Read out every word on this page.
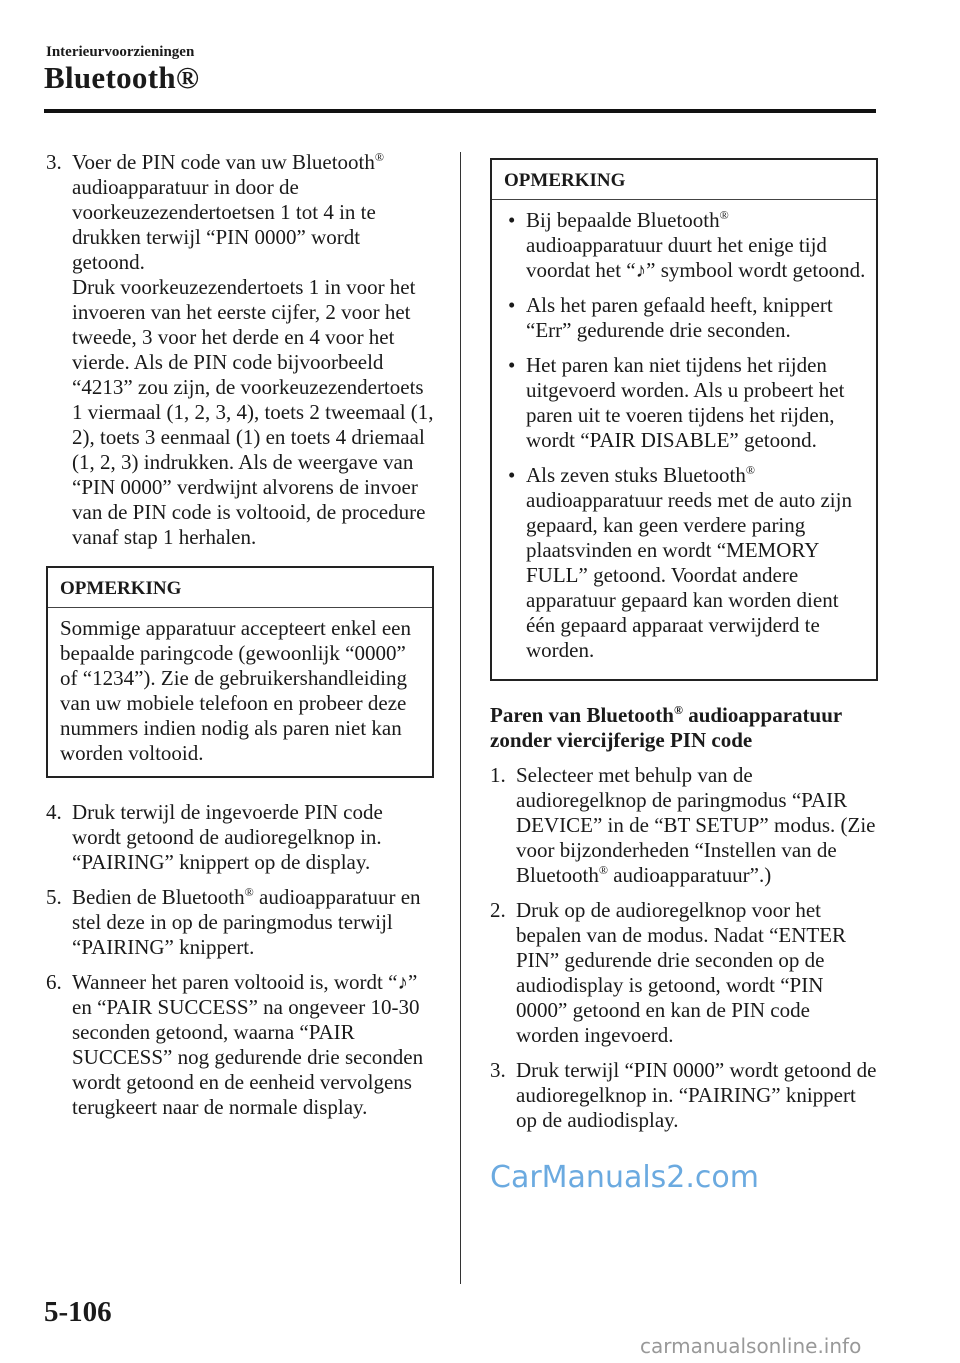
Interieurvoorzieningen
Bluetooth®
3. Voer de PIN code van uw Bluetooth® audioapparatuur in door de voorkeuzezendertoetsen 1 tot 4 in te drukken terwijl “PIN 0000” wordt getoond.

Druk voorkeuzezendertoets 1 in voor het invoeren van het eerste cijfer, 2 voor het tweede, 3 voor het derde en 4 voor het vierde. Als de PIN code bijvoorbeeld “4213” zou zijn, de voorkeuzezendertoets 1 viermaal (1, 2, 3, 4), toets 2 tweemaal (1, 2), toets 3 eenmaal (1) en toets 4 driemaal (1, 2, 3) indrukken. Als de weergave van “PIN 0000” verdwijnt alvorens de invoer van de PIN code is voltooid, de procedure vanaf stap 1 herhalen.

OPMERKING

Sommige apparatuur accepteert enkel een bepaalde paringcode (gewoonlijk “0000” of “1234”). Zie de gebruikershandleiding van uw mobiele telefoon en probeer deze nummers indien nodig als paren niet kan worden voltooid.

4. Druk terwijl de ingevoerde PIN code wordt getoond de audioregelknop in. “PAIRING” knippert op de display.

5. Bedien de Bluetooth® audioapparatuur en stel deze in op de paringmodus terwijl “PAIRING” knippert.

6. Wanneer het paren voltooid is, wordt “♪” en “PAIR SUCCESS” na ongeveer 10-30 seconden getoond, waarna “PAIR SUCCESS” nog gedurende drie seconden wordt getoond en de eenheid vervolgens terugkeert naar de normale display.

OPMERKING
• Bij bepaalde Bluetooth® audioapparatuur duurt het enige tijd voordat het “♪” symbool wordt getoond.
• Als het paren gefaald heeft, knippert “Err” gedurende drie seconden.
• Het paren kan niet tijdens het rijden uitgevoerd worden. Als u probeert het paren uit te voeren tijdens het rijden, wordt “PAIR DISABLE” getoond.
• Als zeven stuks Bluetooth® audioapparatuur reeds met de auto zijn gepaard, kan geen verdere paring plaatsvinden en wordt “MEMORY FULL” getoond. Voordat andere apparatuur gepaard kan worden dient één gepaard apparaat verwijderd te worden.
Paren van Bluetooth® audioapparatuur zonder viercijferige PIN code
1. Selecteer met behulp van de audioregelknop de paringmodus “PAIR DEVICE” in de “BT SETUP” modus. (Zie voor bijzonderheden “Instellen van de Bluetooth® audioapparatuur”.)

2. Druk op de audioregelknop voor het bepalen van de modus. Nadat “ENTER PIN” gedurende drie seconden op de audiodisplay is getoond, wordt “PIN 0000” getoond en kan de PIN code worden ingevoerd.

3. Druk terwijl “PIN 0000” wordt getoond de audioregelknop in. “PAIRING” knippert op de audiodisplay.

5-106
CarManuals2.com
carmanualsonline.info
